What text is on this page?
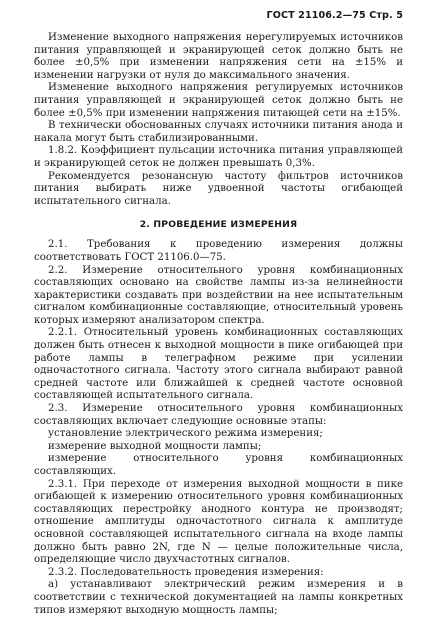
ГОСТ 21106.2—75 Стр. 5

Изменение выходного напряжения нерегулируемых источников питания управляющей и экранирующей сеток должно быть не более ±0,5% при изменении напряжения сети на ±15% и изменении нагрузки от нуля до максимального значения.

Изменение выходного напряжения регулируемых источников питания управляющей и экранирующей сеток должно быть не более ±0,5% при изменении напряжения питающей сети на ±15%.

В технически обоснованных случаях источники питания анода и накала могут быть стабилизированными.

1.8.2. Коэффициент пульсации источника питания управляющей и экранирующей сеток не должен превышать 0,3%.

Рекомендуется резонансную частоту фильтров источников питания выбирать ниже удвоенной частоты огибающей испытательного сигнала.

2. ПРОВЕДЕНИЕ ИЗМЕРЕНИЯ

2.1. Требования к проведению измерения должны соответствовать ГОСТ 21106.0—75.

2.2. Измерение относительного уровня комбинационных составляющих основано на свойстве лампы из-за нелинейности характеристики создавать при воздействии на нее испытательным сигналом комбинационные составляющие, относительный уровень которых измеряют анализатором спектра.

2.2.1. Относительный уровень комбинационных составляющих должен быть отнесен к выходной мощности в пике огибающей при работе лампы в телеграфном режиме при усилении одночастотного сигнала. Частоту этого сигнала выбирают равной средней частоте или ближайшей к средней частоте основной составляющей испытательного сигнала.

2.3. Измерение относительного уровня комбинационных составляющих включает следующие основные этапы:

установление электрического режима измерения;

измерение выходной мощности лампы;

измерение относительного уровня комбинационных составляющих.

2.3.1. При переходе от измерения выходной мощности в пике огибающей к измерению относительного уровня комбинационных составляющих перестройку анодного контура не производят; отношение амплитуды одночастотного сигнала к амплитуде основной составляющей испытательного сигнала на входе лампы должно быть равно 2N, где N — целые положительные числа, определяющие число двухчастотных сигналов.

2.3.2. Последовательность проведения измерения:

а) устанавливают электрический режим измерения и в соответствии с технической документацией на лампы конкретных типов измеряют выходную мощность лампы;
